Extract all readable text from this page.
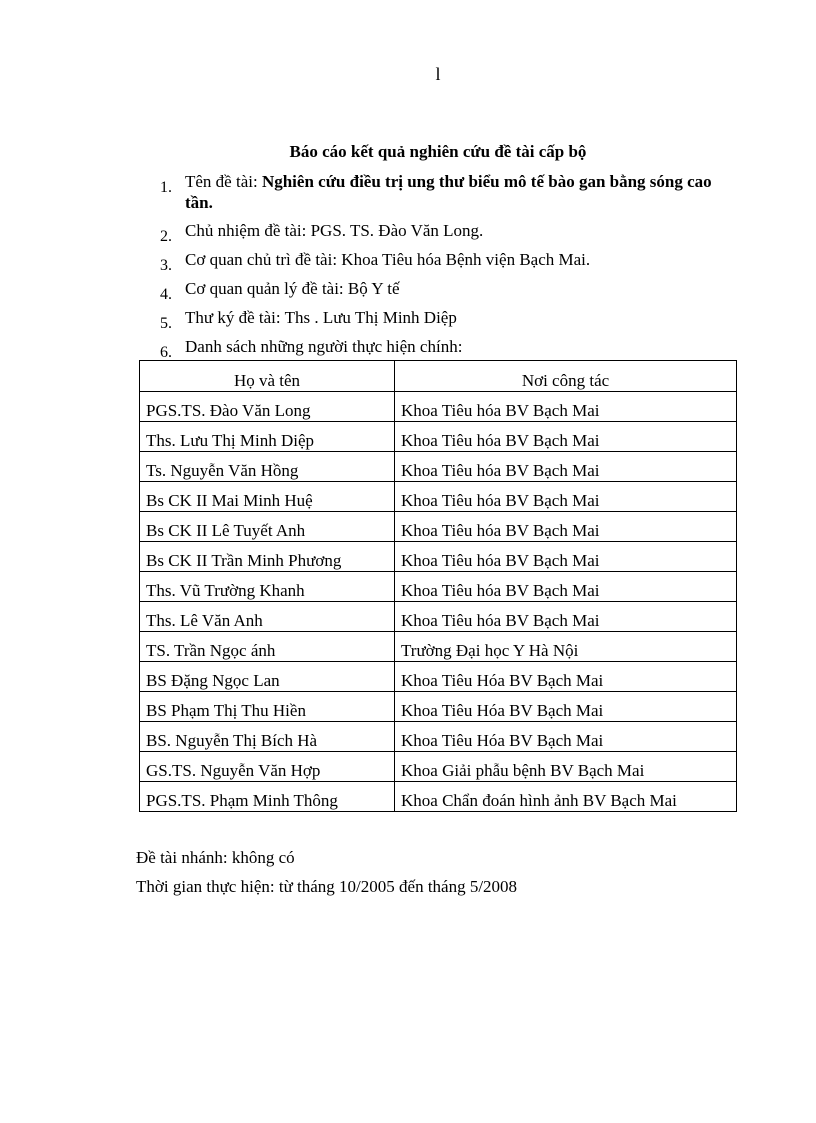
l
Báo cáo kết quả nghiên cứu đề tài cấp bộ
1. Tên đề tài: Nghiên cứu điều trị ung thư biểu mô tế bào gan bằng sóng cao tần.
2. Chủ nhiệm đề tài: PGS. TS. Đào Văn Long.
3. Cơ quan chủ trì đề tài: Khoa Tiêu hóa Bệnh viện Bạch Mai.
4. Cơ quan quản lý đề tài: Bộ Y tế
5. Thư ký đề tài: Ths . Lưu Thị Minh Diệp
6. Danh sách những người thực hiện chính:
Họ và tên	Nơi công tác
PGS.TS. Đào Văn Long	Khoa Tiêu hóa BV Bạch Mai
Ths. Lưu Thị Minh Diệp	Khoa Tiêu hóa BV Bạch Mai
Ts. Nguyễn Văn Hồng	Khoa Tiêu hóa BV Bạch Mai
Bs CK II Mai Minh Huệ	Khoa Tiêu hóa BV Bạch Mai
Bs CK II Lê Tuyết Anh	Khoa Tiêu hóa BV Bạch Mai
Bs CK II Trần Minh Phương	Khoa Tiêu hóa BV Bạch Mai
Ths. Vũ Trường Khanh	Khoa Tiêu hóa BV Bạch Mai
Ths. Lê Văn Anh	Khoa Tiêu hóa BV Bạch Mai
TS. Trần Ngọc ánh	Trường Đại học Y Hà Nội
BS Đặng Ngọc Lan	Khoa Tiêu Hóa BV Bạch Mai
BS Phạm Thị Thu Hiền	Khoa Tiêu Hóa BV Bạch Mai
BS. Nguyễn Thị Bích Hà	Khoa Tiêu Hóa BV Bạch Mai
GS.TS. Nguyễn Văn Hợp	Khoa Giải phẫu bệnh BV Bạch Mai
PGS.TS. Phạm Minh Thông	Khoa Chẩn đoán hình ảnh BV Bạch Mai
Đề tài nhánh: không có
Thời gian thực hiện: từ tháng 10/2005 đến tháng 5/2008
